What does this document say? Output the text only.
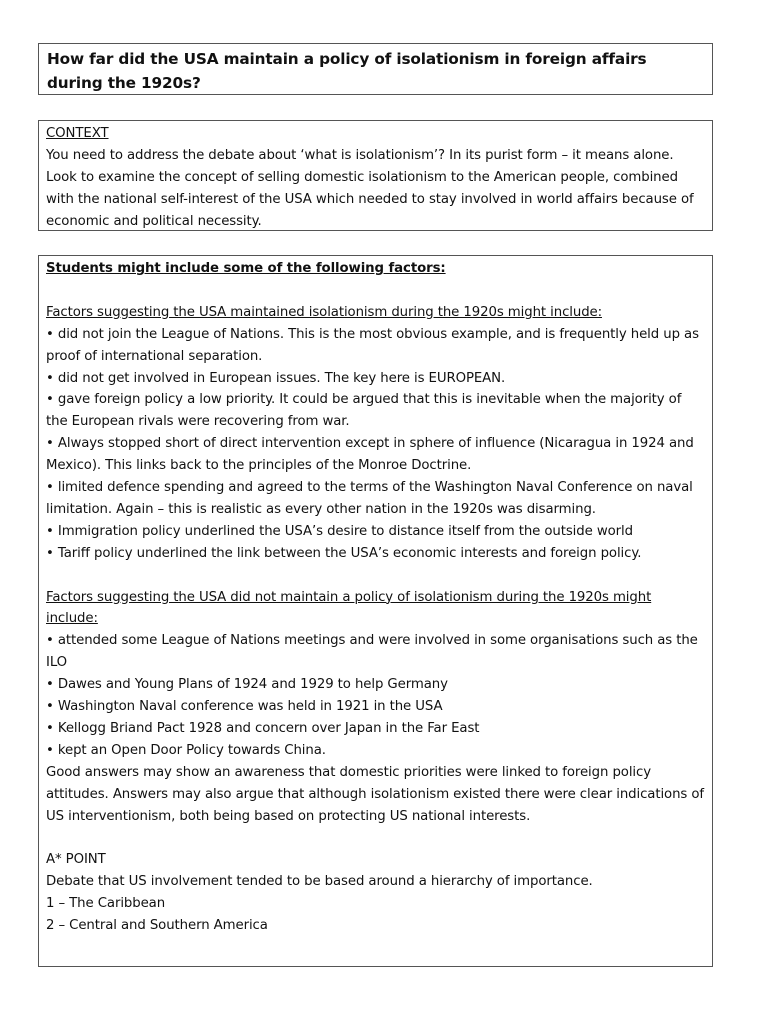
How far did the USA maintain a policy of isolationism in foreign affairs during the 1920s?

CONTEXT

You need to address the debate about ‘what is isolationism’? In its purist form – it means alone. Look to examine the concept of selling domestic isolationism to the American people, combined with the national self-interest of the USA which needed to stay involved in world affairs because of economic and political necessity.

Students might include some of the following factors:

Factors suggesting the USA maintained isolationism during the 1920s might include:

• did not join the League of Nations. This is the most obvious example, and is frequently held up as proof of international separation.

• did not get involved in European issues. The key here is EUROPEAN.

• gave foreign policy a low priority. It could be argued that this is inevitable when the majority of the European rivals were recovering from war.

• Always stopped short of direct intervention except in sphere of influence (Nicaragua in 1924 and Mexico). This links back to the principles of the Monroe Doctrine.

• limited defence spending and agreed to the terms of the Washington Naval Conference on naval limitation. Again – this is realistic as every other nation in the 1920s was disarming.

• Immigration policy underlined the USA’s desire to distance itself from the outside world

• Tariff policy underlined the link between the USA’s economic interests and foreign policy.

Factors suggesting the USA did not maintain a policy of isolationism during the 1920s might include:

• attended some League of Nations meetings and were involved in some organisations such as the ILO

• Dawes and Young Plans of 1924 and 1929 to help Germany

• Washington Naval conference was held in 1921 in the USA

• Kellogg Briand Pact 1928 and concern over Japan in the Far East

• kept an Open Door Policy towards China.

Good answers may show an awareness that domestic priorities were linked to foreign policy attitudes. Answers may also argue that although isolationism existed there were clear indications of US interventionism, both being based on protecting US national interests.

A* POINT

Debate that US involvement tended to be based around a hierarchy of importance.

1 – The Caribbean

2 – Central and Southern America
